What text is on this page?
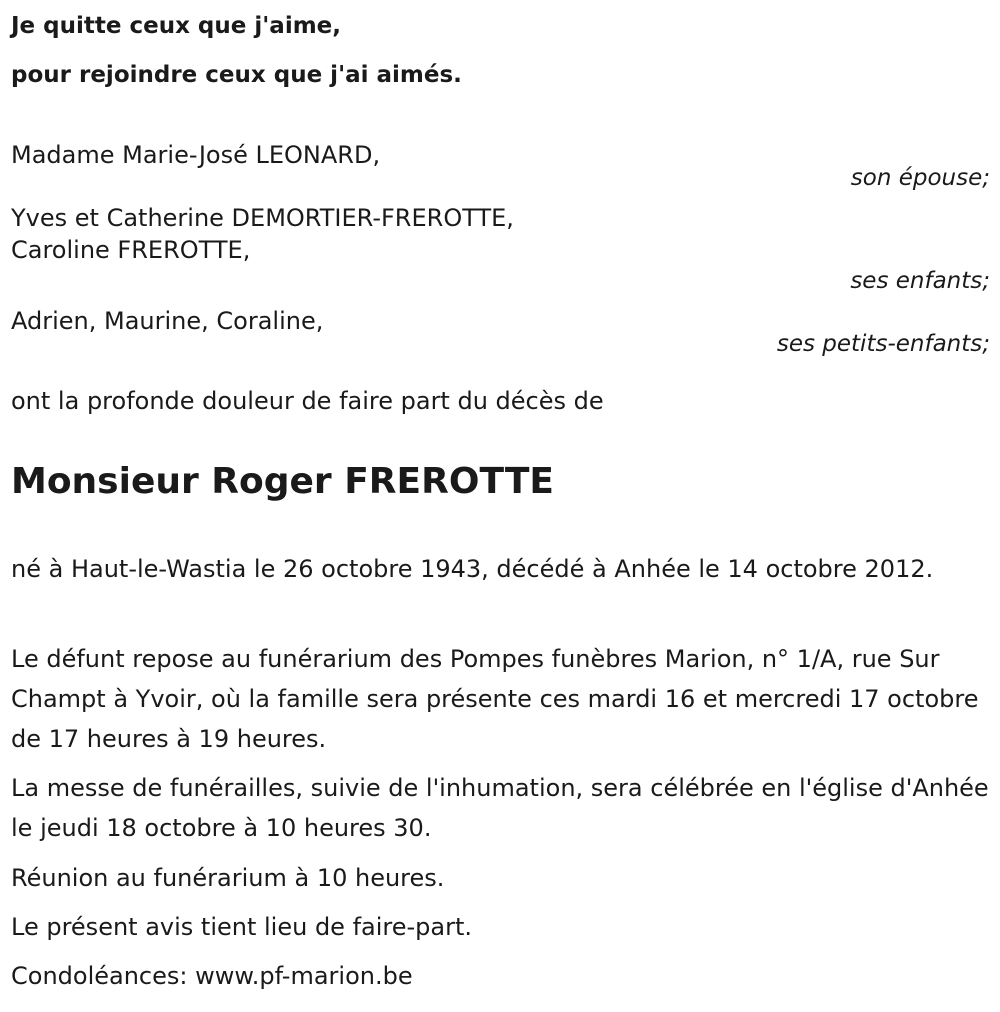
Je quitte ceux que j'aime,
pour rejoindre ceux que j'ai aimés.
Madame Marie-José LEONARD,
son épouse;
Yves et Catherine DEMORTIER-FREROTTE,
Caroline FREROTTE,
ses enfants;
Adrien, Maurine, Coraline,
ses petits-enfants;
ont la profonde douleur de faire part du décès de
Monsieur Roger FREROTTE
né à Haut-le-Wastia le 26 octobre 1943, décédé à Anhée le 14 octobre 2012.
Le défunt repose au funérarium des Pompes funèbres Marion, n° 1/A, rue Sur Champt à Yvoir, où la famille sera présente ces mardi 16 et mercredi 17 octobre de 17 heures à 19 heures.
La messe de funérailles, suivie de l'inhumation, sera célébrée en l'église d'Anhée le jeudi 18 octobre à 10 heures 30.
Réunion au funérarium à 10 heures.
Le présent avis tient lieu de faire-part.
Condoléances: www.pf-marion.be
